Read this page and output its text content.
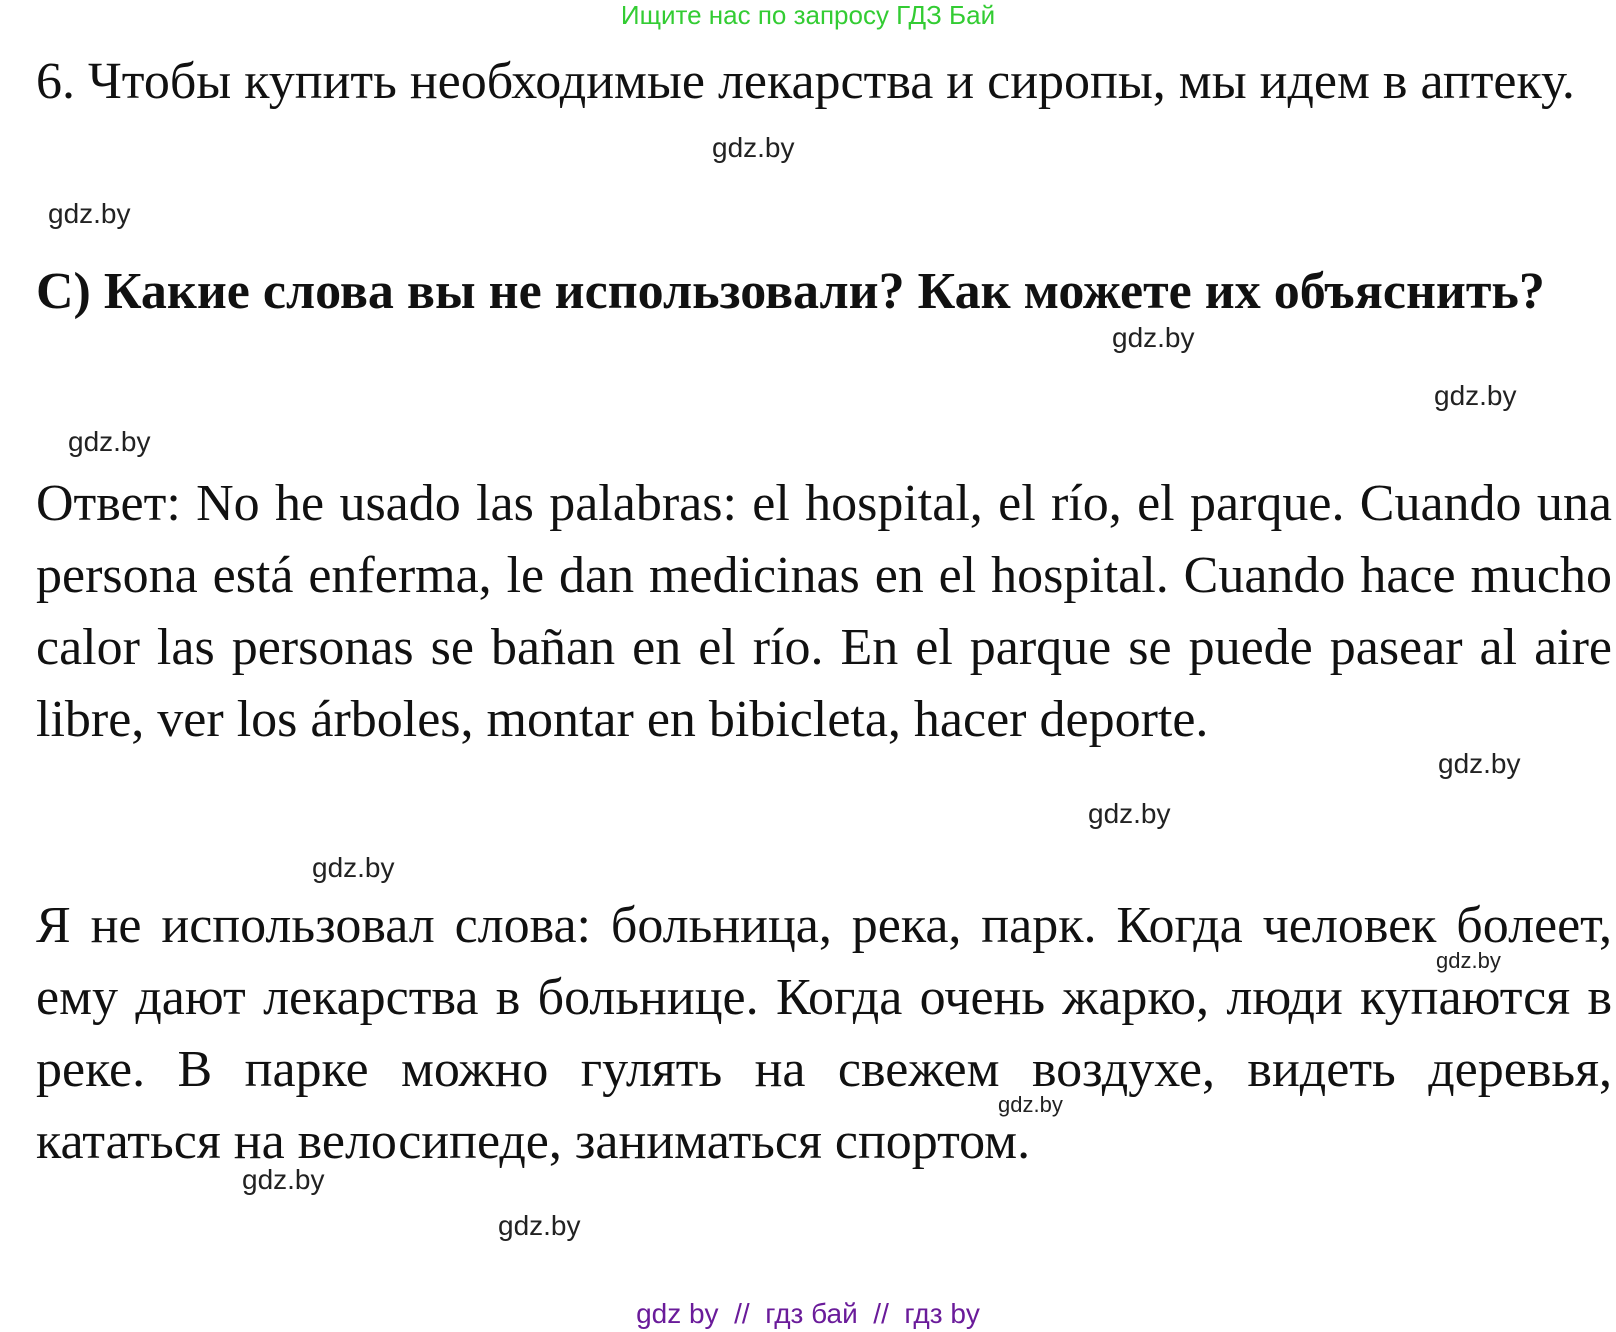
Ищите нас по запросу ГДЗ Бай

6. Чтобы купить необходимые лекарства и сиропы, мы идем в аптеку.

С) Какие слова вы не использовали? Как можете их объяснить?

Ответ: No he usado las palabras: el hospital, el río, el parque. Cuando una persona está enferma, le dan medicinas en el hospital. Cuando hace mucho calor las personas se bañan en el río. En el parque se puede pasear al aire libre, ver los árboles, montar en bibicleta, hacer deporte.

Я не использовал слова: больница, река, парк. Когда человек болеет, ему дают лекарства в больнице. Когда очень жарко, люди купаются в реке. В парке можно гулять на свежем воздухе, видеть деревья, кататься на велосипеде, заниматься спортом.

gdz.by
gdz.by
gdz.by
gdz.by
gdz.by
gdz.by
gdz.by
gdz.by
gdz.by
gdz.by
gdz.by
gdz.by
gdz by  //  гдз бай  //  гдз by
